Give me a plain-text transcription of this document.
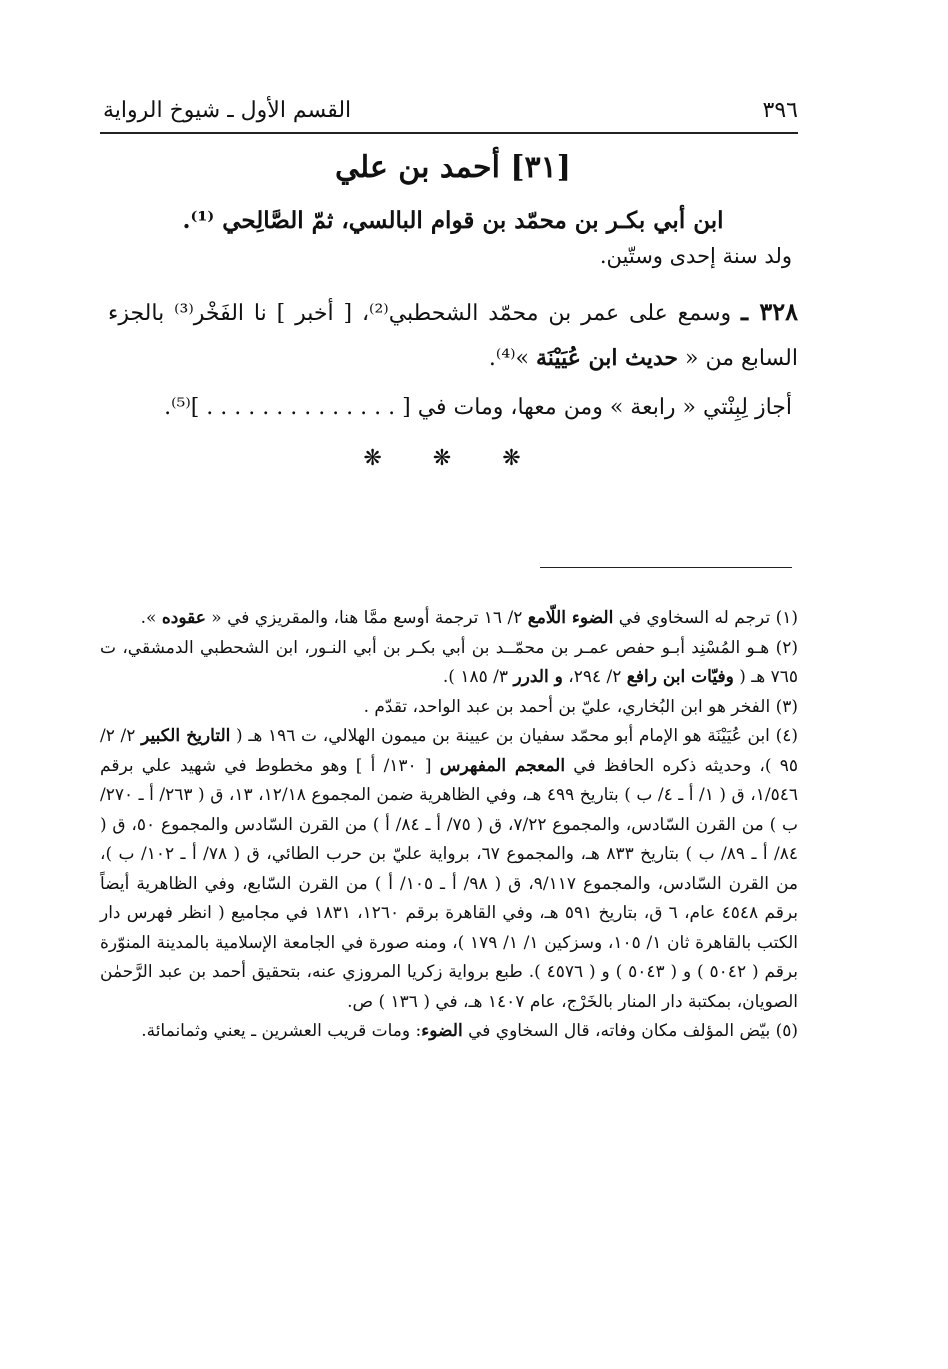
٣٩٦
القسم الأول ـ شيوخ الرواية
[٣١] أحمد بن علي
ابن أبي بكـر بن محمّد بن قوام البالسي، ثمّ الصَّالِحي ⁽¹⁾.
ولد سنة إحدى وستّين.

٣٢٨ ـ وسمع على عمر بن محمّد الشحطبي⁽²⁾، [ أخبر ] نا الفَخْر⁽³⁾ بالجزء السابع من « حديث ابن عُيَيْنَة »⁽⁴⁾.

أجاز لِبِنْتي « رابعة » ومن معها، ومات في [ . . . . . . . . . . . . . . ]⁽⁵⁾.
❋ ❋ ❋

(١) ترجم له السخاوي في الضوء اللّامع ٢/ ١٦ ترجمة أوسع ممَّا هنا، والمقريزي في « عقوده ».

(٢) هـو المُسْنِد أبـو حفص عمـر بن محمّــد بن أبي بكـر بن أبي النـور، ابن الشحطبي الدمشقي، ت ٧٦٥ هـ ( وفيّات ابن رافع ٢/ ٢٩٤، و الدرر ٣/ ١٨٥ ).

(٣) الفخر هو ابن البُخاري، عليّ بن أحمد بن عبد الواحد، تقدّم .

(٤) ابن عُيَيْنَة هو الإمام أبو محمّد سفيان بن عيينة بن ميمون الهلالي، ت ١٩٦ هـ ( التاريخ الكبير ٢/ ٢/ ٩٥ )، وحديثه ذكره الحافظ في المعجم المفهرس [ ١٣٠/ أ ] وهو مخطوط في شهيد علي برقم ١/٥٤٦، ق ( ١/ أ ـ ٤/ ب ) بتاريخ ٤٩٩ هـ، وفي الظاهرية ضمن المجموع ١٢/١٨، ١٣، ق ( ٢٦٣/ أ ـ ٢٧٠/ ب ) من القرن السّادس، والمجموع ٧/٢٢، ق ( ٧٥/ أ ـ ٨٤/ أ ) من القرن السّادس والمجموع ٥٠، ق ( ٨٤/ أ ـ ٨٩/ ب ) بتاريخ ٨٣٣ هـ، والمجموع ٦٧، برواية عليّ بن حرب الطائي، ق ( ٧٨/ أ ـ ١٠٢/ ب )، من القرن السّادس، والمجموع ٩/١١٧، ق ( ٩٨/ أ ـ ١٠٥/ أ ) من القرن السّابع، وفي الظاهرية أيضاً برقم ٤٥٤٨ عام، ٦ ق، بتاريخ ٥٩١ هـ، وفي القاهرة برقم ١٢٦٠، ١٨٣١ في مجاميع ( انظر فهرس دار الكتب بالقاهرة ثان ١/ ١٠٥، وسزكين ١/ ١/ ١٧٩ )، ومنه صورة في الجامعة الإسلامية بالمدينة المنوّرة برقم ( ٥٠٤٢ ) و ( ٥٠٤٣ ) و ( ٤٥٧٦ ). طبع برواية زكريا المروزي عنه، بتحقيق أحمد بن عبد الرَّحمٰن الصويان، بمكتبة دار المنار بالخَرْج، عام ١٤٠٧ هـ، في ( ١٣٦ ) ص.

(٥) بيّض المؤلف مكان وفاته، قال السخاوي في الضوء: ومات قريب العشرين ـ يعني وثمانمائة.
